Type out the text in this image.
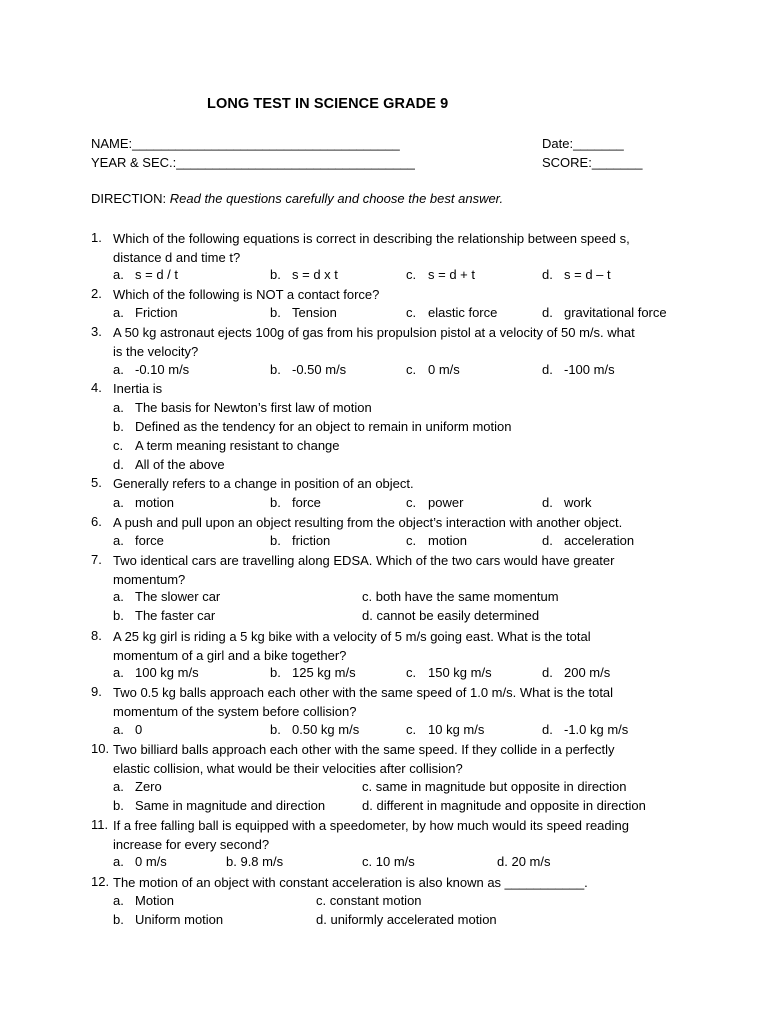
LONG TEST IN SCIENCE GRADE 9
NAME:_____________________________________
YEAR & SEC.:_________________________________
Date:_______
SCORE:_______
DIRECTION: Read the questions carefully and choose the best answer.
1. Which of the following equations is correct in describing the relationship between speed s,
distance d and time t?
a. s = d / t	b. s = d x t	c. s = d + t	d. s = d – t
2. Which of the following is NOT a contact force?
a. Friction	b. Tension	c. elastic force	d. gravitational force
3. A 50 kg astronaut ejects 100g of gas from his propulsion pistol at a velocity of 50 m/s. what
is the velocity?
a. -0.10 m/s	b. -0.50 m/s	c. 0 m/s	d. -100 m/s
4. Inertia is
a. The basis for Newton’s first law of motion
b. Defined as the tendency for an object to remain in uniform motion
c. A term meaning resistant to change
d. All of the above
5. Generally refers to a change in position of an object.
a. motion	b. force	c. power	d. work
6. A push and pull upon an object resulting from the object’s interaction with another object.
a. force	b. friction	c. motion	d. acceleration
7. Two identical cars are travelling along EDSA. Which of the two cars would have greater
momentum?
a. The slower car	c. both have the same momentum
b. The faster car	d. cannot be easily determined
8. A 25 kg girl is riding a 5 kg bike with a velocity of 5 m/s going east. What is the total
momentum of a girl and a bike together?
a. 100 kg m/s	b. 125 kg m/s	c. 150 kg m/s	d. 200 m/s
9. Two 0.5 kg balls approach each other with the same speed of 1.0 m/s. What is the total
momentum of the system before collision?
a. 0	b. 0.50 kg m/s	c. 10 kg m/s	d. -1.0 kg m/s
10. Two billiard balls approach each other with the same speed. If they collide in a perfectly
elastic collision, what would be their velocities after collision?
a. Zero	c. same in magnitude but opposite in direction
b. Same in magnitude and direction	d. different in magnitude and opposite in direction
11. If a free falling ball is equipped with a speedometer, by how much would its speed reading
increase for every second?
a. 0 m/s	b. 9.8 m/s	c. 10 m/s	d. 20 m/s
12. The motion of an object with constant acceleration is also known as ___________.
a. Motion	c. constant motion
b. Uniform motion	d. uniformly accelerated motion
